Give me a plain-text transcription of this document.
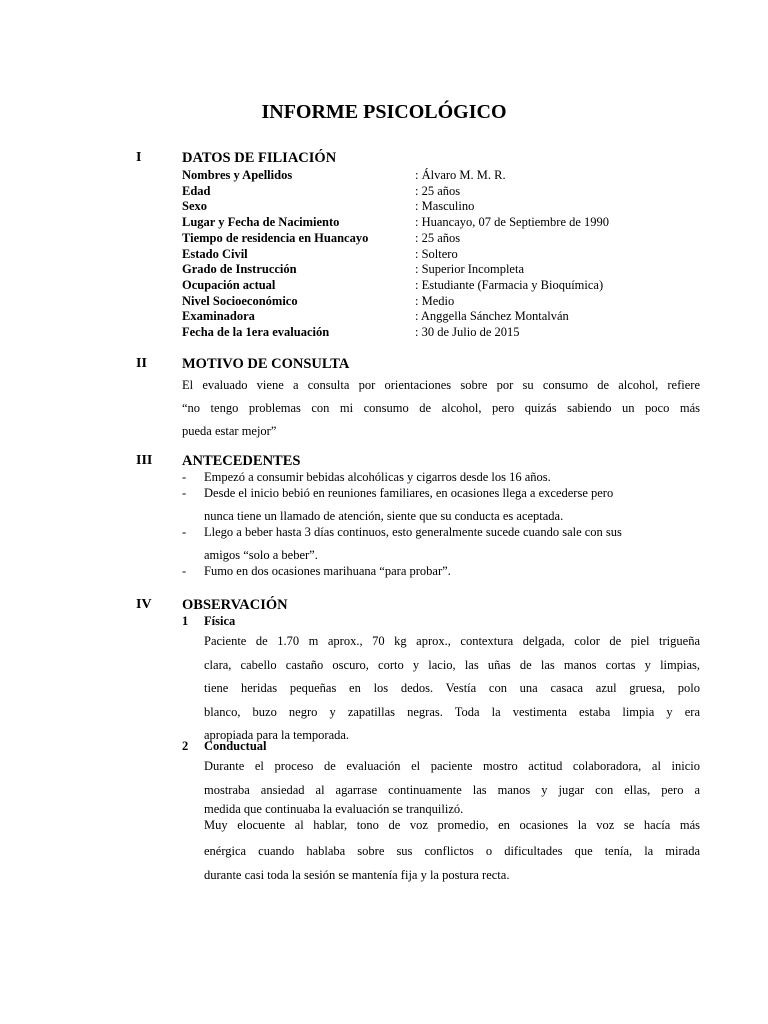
INFORME PSICOLÓGICO
I	DATOS DE FILIACIÓN
Nombres y Apellidos	: Álvaro M. M. R.
Edad	: 25 años
Sexo	: Masculino
Lugar y Fecha de Nacimiento	: Huancayo, 07 de Septiembre de 1990
Tiempo de residencia en Huancayo	: 25 años
Estado Civil	: Soltero
Grado de Instrucción	: Superior Incompleta
Ocupación actual	: Estudiante (Farmacia y Bioquímica)
Nivel Socioeconómico	: Medio
Examinadora	: Anggella Sánchez Montalván
Fecha de la 1era evaluación	: 30 de Julio de 2015
II MOTIVO DE CONSULTA
El evaluado viene a consulta por orientaciones sobre por su consumo de alcohol, refiere
“no tengo problemas con mi consumo de alcohol, pero quizás sabiendo un poco más
pueda estar mejor”
III ANTECEDENTES
- Empezó a consumir bebidas alcohólicas y cigarros desde los 16 años.
- Desde el inicio bebió en reuniones familiares, en ocasiones llega a excederse pero
nunca tiene un llamado de atención, siente que su conducta es aceptada.
- Llego a beber hasta 3 días continuos, esto generalmente sucede cuando sale con sus
amigos “solo a beber”.
- Fumo en dos ocasiones marihuana “para probar”.
IV OBSERVACIÓN
1 Física
Paciente de 1.70 m aprox., 70 kg aprox., contextura delgada, color de piel trigueña
clara, cabello castaño oscuro, corto y lacio, las uñas de las manos cortas y limpias,
tiene heridas pequeñas en los dedos. Vestía con una casaca azul gruesa, polo
blanco, buzo negro y zapatillas negras. Toda la vestimenta estaba limpia y era
apropiada para la temporada.
2 Conductual
Durante el proceso de evaluación el paciente mostro actitud colaboradora, al inicio
mostraba ansiedad al agarrase continuamente las manos y jugar con ellas, pero a
medida que continuaba la evaluación se tranquilizó.
Muy elocuente al hablar, tono de voz promedio, en ocasiones la voz se hacía más
enérgica cuando hablaba sobre sus conflictos o dificultades que tenía, la mirada
durante casi toda la sesión se mantenía fija y la postura recta.
